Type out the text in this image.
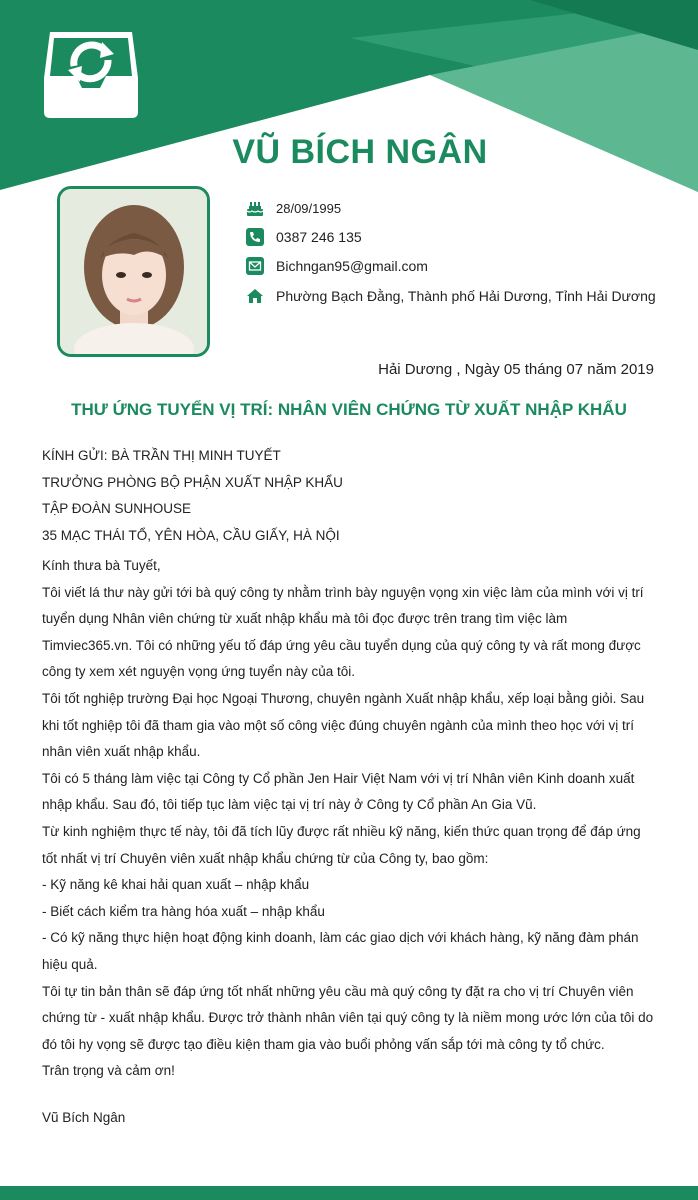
VŨ BÍCH NGÂN
28/09/1995
0387 246 135
Bichngan95@gmail.com
Phường Bạch Đằng, Thành phố Hải Dương, Tỉnh Hải Dương
Hải Dương , Ngày 05 tháng 07 năm 2019
THƯ ỨNG TUYỂN VỊ TRÍ: NHÂN VIÊN CHỨNG TỪ XUẤT NHẬP KHẨU
KÍNH GỬI: BÀ TRẦN THỊ MINH TUYẾT
TRƯỞNG PHÒNG BỘ PHẬN XUẤT NHẬP KHẨU
TẬP ĐOÀN SUNHOUSE
35 MẠC THÁI TỔ, YÊN HÒA, CẦU GIẤY, HÀ NỘI

Kính thưa bà Tuyết,

Tôi viết lá thư này gửi tới bà quý công ty nhằm trình bày nguyện vọng xin việc làm của mình với vị trí tuyển dụng Nhân viên chứng từ xuất nhập khẩu mà tôi đọc được trên trang tìm việc làm Timviec365.vn. Tôi có những yếu tố đáp ứng yêu cầu tuyển dụng của quý công ty và rất mong được công ty xem xét nguyện vọng ứng tuyển này của tôi.

Tôi tốt nghiệp trường Đại học Ngoại Thương, chuyên ngành Xuất nhập khẩu, xếp loại bằng giỏi. Sau khi tốt nghiệp tôi đã tham gia vào một số công việc đúng chuyên ngành của mình theo học với vị trí nhân viên xuất nhập khẩu.

Tôi có 5 tháng làm việc tại Công ty Cổ phần Jen Hair Việt Nam với vị trí Nhân viên Kinh doanh xuất nhập khẩu. Sau đó, tôi tiếp tục làm việc tại vị trí này ở Công ty Cổ phần An Gia Vũ.

Từ kinh nghiệm thực tế này, tôi đã tích lũy được rất nhiều kỹ năng, kiến thức quan trọng để đáp ứng tốt nhất vị trí Chuyên viên xuất nhập khẩu chứng từ của Công ty, bao gồm:

- Kỹ năng kê khai hải quan xuất – nhập khẩu

- Biết cách kiểm tra hàng hóa xuất – nhập khẩu

- Có kỹ năng thực hiện hoạt động kinh doanh, làm các giao dịch với khách hàng, kỹ năng đàm phán hiệu quả.

Tôi tự tin bản thân sẽ đáp ứng tốt nhất những yêu cầu mà quý công ty đặt ra cho vị trí Chuyên viên chứng từ - xuất nhập khẩu. Được trở thành nhân viên tại quý công ty là niềm mong ước lớn của tôi do đó tôi hy vọng sẽ được tạo điều kiện tham gia vào buổi phỏng vấn sắp tới mà công ty tổ chức.

Trân trọng và cảm ơn!

Vũ Bích Ngân
